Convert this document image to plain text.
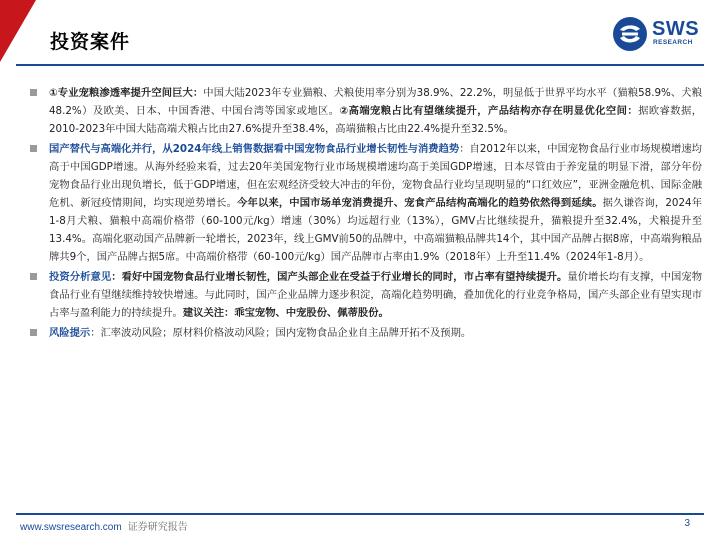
投资案件
SWS
RESEARCH
①专业宠粮渗透率提升空间巨大：中国大陆2023年专业猫粮、犬粮使用率分别为38.9%、22.2%，明显低于世界平均水平（猫粮58.9%、犬粮48.2%）及欧美、日本、中国香港、中国台湾等国家或地区。②高端宠粮占比有望继续提升，产品结构亦存在明显优化空间：据欧睿数据，2010-2023年中国大陆高端犬粮占比由27.6%提升至38.4%，高端猫粮占比由22.4%提升至32.5%。
国产替代与高端化并行，从2024年线上销售数据看中国宠物食品行业增长韧性与消费趋势：自2012年以来，中国宠物食品行业市场规模增速均高于中国GDP增速。从海外经验来看，过去20年美国宠物行业市场规模增速均高于美国GDP增速，日本尽管由于养宠量的明显下滑，部分年份宠物食品行业出现负增长，低于GDP增速，但在宏观经济受较大冲击的年份，宠物食品行业均呈现明显的“口红效应”，亚洲金融危机、国际金融危机、新冠疫情期间，均实现逆势增长。今年以来，中国市场单宠消费提升、宠食产品结构高端化的趋势依然得到延续。据久谦咨询，2024年1-8月犬粮、猫粮中高端价格带（60-100元/kg）增速（30%）均远超行业（13%），GMV占比继续提升，猫粮提升至32.4%，犬粮提升至13.4%。高端化驱动国产品牌新一轮增长，2023年，线上GMV前50的品牌中，中高端猫粮品牌共14个，其中国产品牌占据8席，中高端狗粮品牌共9个，国产品牌占据5席。中高端价格带（60-100元/kg）国产品牌市占率由1.9%（2018年）上升至11.4%（2024年1-8月）。
投资分析意见：看好中国宠物食品行业增长韧性，国产头部企业在受益于行业增长的同时，市占率有望持续提升。量价增长均有支撑，中国宠物食品行业有望继续维持较快增速。与此同时，国产企业品牌力逐步积淀，高端化趋势明确，叠加优化的行业竞争格局，国产头部企业有望实现市占率与盈利能力的持续提升。建议关注：乖宝宠物、中宠股份、佩蒂股份。
风险提示：汇率波动风险；原材料价格波动风险；国内宠物食品企业自主品牌开拓不及预期。
www.swsresearch.com 证券研究报告	3
